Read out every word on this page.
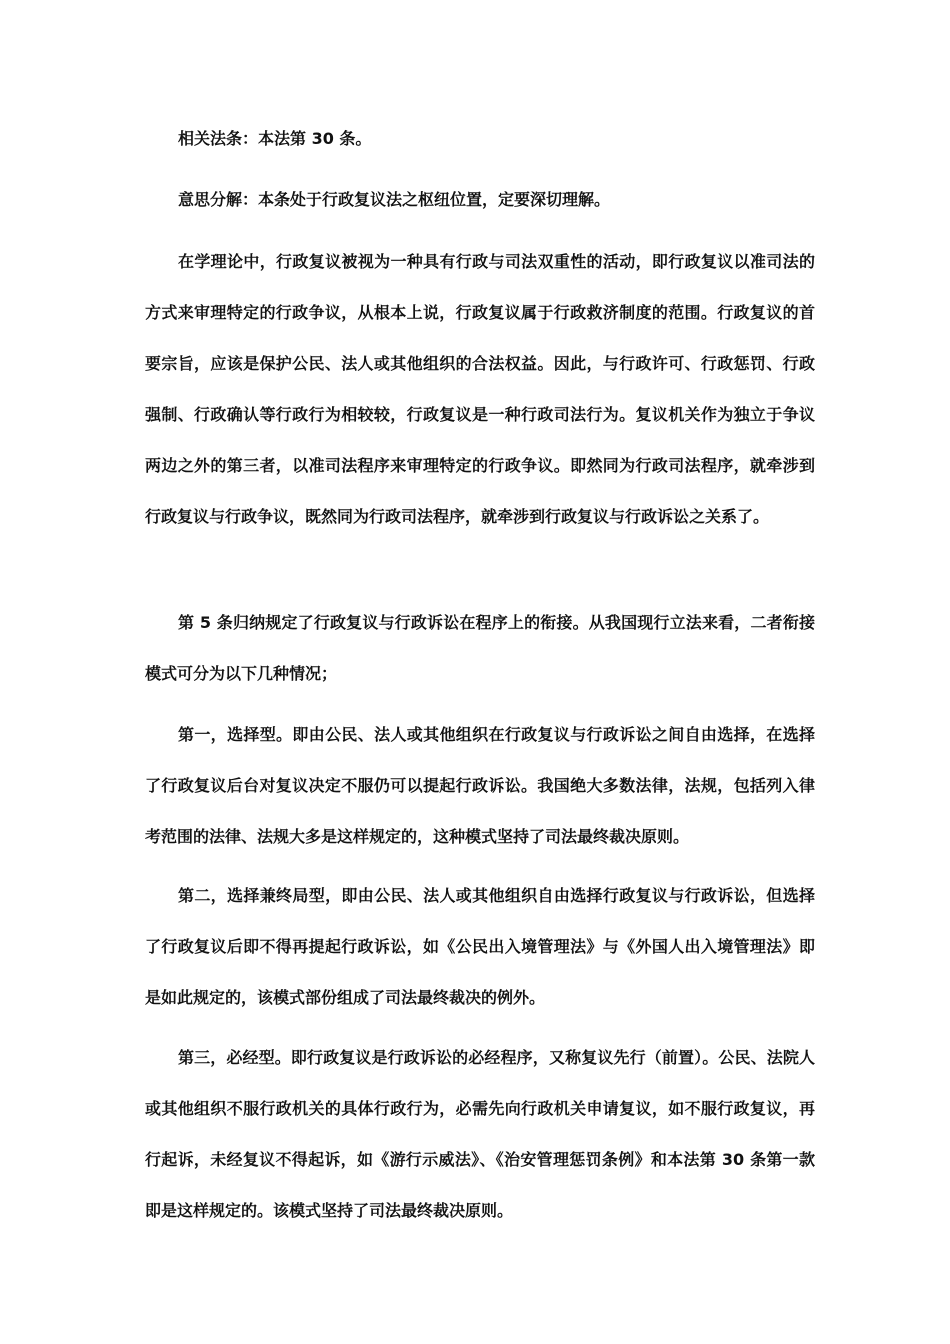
相关法条：本法第 30 条。

意思分解：本条处于行政复议法之枢纽位置，定要深切理解。

在学理论中，行政复议被视为一种具有行政与司法双重性的活动，即行政复议以准司法的方式来审理特定的行政争议，从根本上说，行政复议属于行政救济制度的范围。行政复议的首要宗旨，应该是保护公民、法人或其他组织的合法权益。因此，与行政许可、行政惩罚、行政强制、行政确认等行政行为相较较，行政复议是一种行政司法行为。复议机关作为独立于争议两边之外的第三者，以准司法程序来审理特定的行政争议。即然同为行政司法程序，就牵涉到行政复议与行政争议，既然同为行政司法程序，就牵涉到行政复议与行政诉讼之关系了。

第 5 条归纳规定了行政复议与行政诉讼在程序上的衔接。从我国现行立法来看，二者衔接模式可分为以下几种情况；

第一，选择型。即由公民、法人或其他组织在行政复议与行政诉讼之间自由选择，在选择了行政复议后台对复议决定不服仍可以提起行政诉讼。我国绝大多数法律，法规，包括列入律考范围的法律、法规大多是这样规定的，这种模式坚持了司法最终裁决原则。

第二，选择兼终局型，即由公民、法人或其他组织自由选择行政复议与行政诉讼，但选择了行政复议后即不得再提起行政诉讼，如《公民出入境管理法》与《外国人出入境管理法》即是如此规定的，该模式部份组成了司法最终裁决的例外。

第三，必经型。即行政复议是行政诉讼的必经程序，又称复议先行（前置）。公民、法院人或其他组织不服行政机关的具体行政行为，必需先向行政机关申请复议，如不服行政复议，再行起诉，未经复议不得起诉，如《游行示威法》、《治安管理惩罚条例》和本法第 30 条第一款即是这样规定的。该模式坚持了司法最终裁决原则。
